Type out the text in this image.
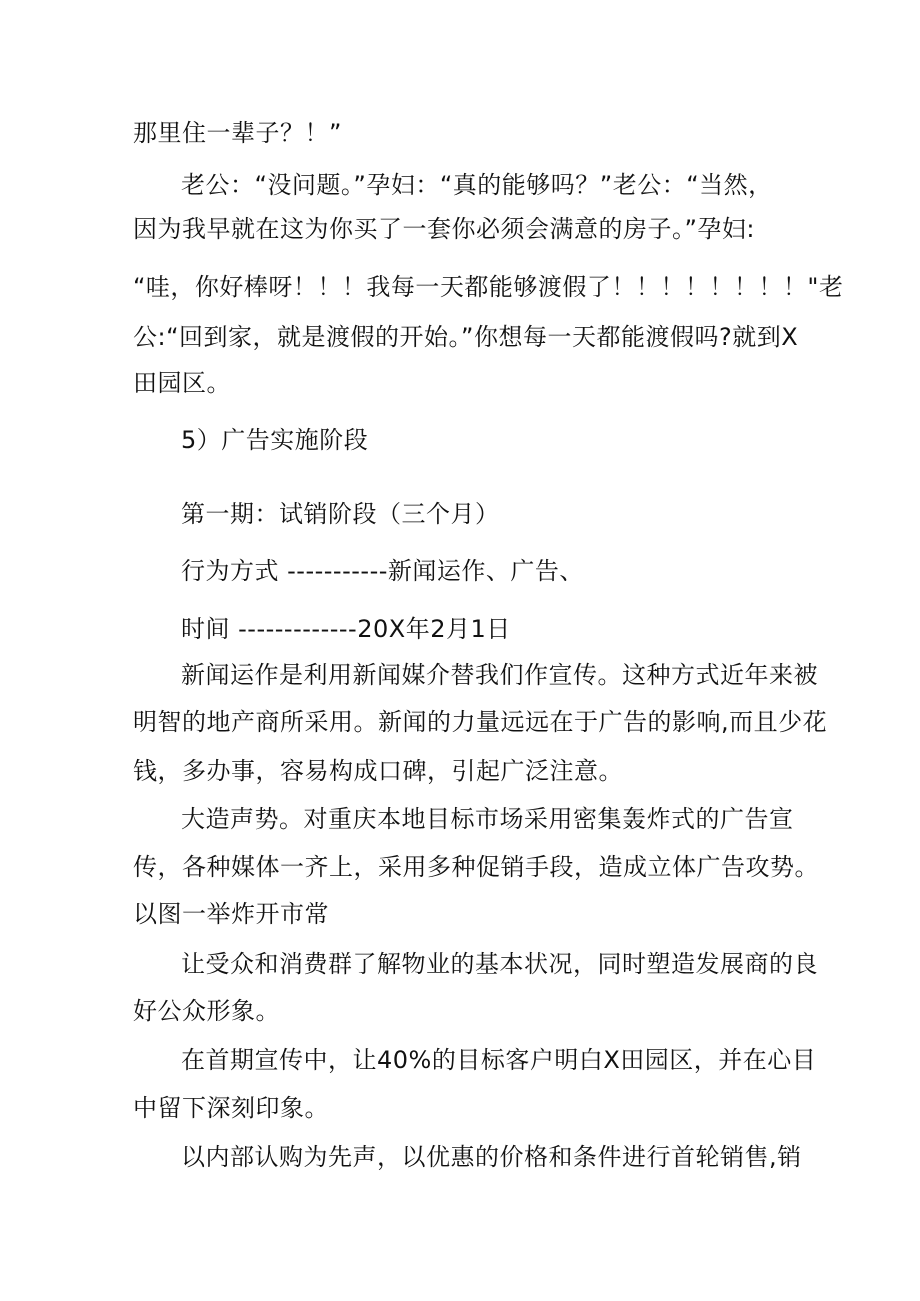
那里住一辈子？！”
老公：“没问题。”孕妇：“真的能够吗？”老公：“当然，
因为我早就在这为你买了一套你必须会满意的房子。”孕妇:
“哇，你好棒呀！！！我每一天都能够渡假了！！！！！！！！"老
公:“回到家，就是渡假的开始。”你想每一天都能渡假吗?就到X
田园区。
5）广告实施阶段
第一期：试销阶段（三个月）
行为方式 -----------新闻运作、广告、
时间 -------------20X年2月1日
新闻运作是利用新闻媒介替我们作宣传。这种方式近年来被
明智的地产商所采用。新闻的力量远远在于广告的影响,而且少花
钱，多办事，容易构成口碑，引起广泛注意。
大造声势。对重庆本地目标市场采用密集轰炸式的广告宣
传，各种媒体一齐上，采用多种促销手段，造成立体广告攻势。
以图一举炸开市常
让受众和消费群了解物业的基本状况，同时塑造发展商的良
好公众形象。
在首期宣传中，让40%的目标客户明白X田园区，并在心目
中留下深刻印象。
以内部认购为先声，以优惠的价格和条件进行首轮销售,销
